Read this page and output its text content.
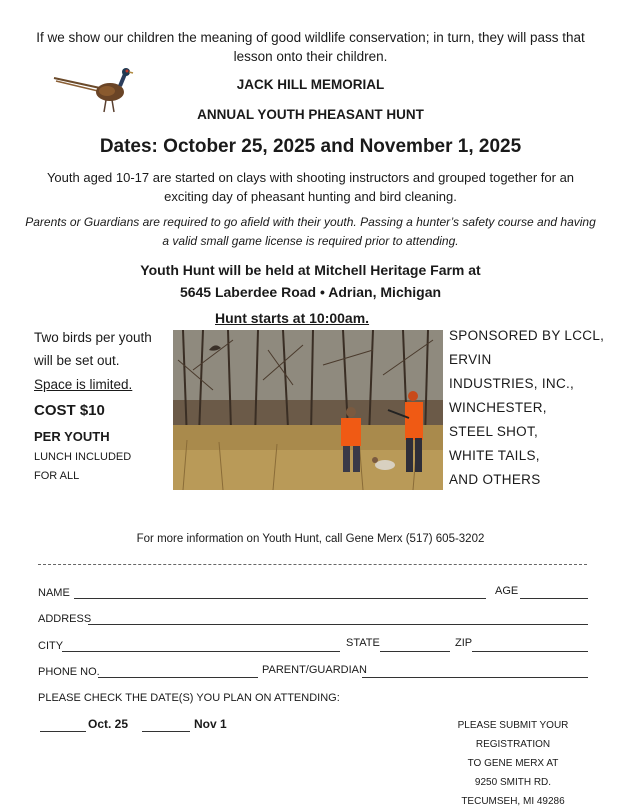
If we show our children the meaning of good wildlife conservation; in turn, they will pass that lesson onto their children.
JACK HILL MEMORIAL
ANNUAL YOUTH PHEASANT HUNT
Dates: October 25, 2025 and November 1, 2025
Youth aged 10-17 are started on clays with shooting instructors and grouped together for an exciting day of pheasant hunting and bird cleaning.
Parents or Guardians are required to go afield with their youth. Passing a hunter’s safety course and having a valid small game license is required prior to attending.
Youth Hunt will be held at Mitchell Heritage Farm at
5645 Laberdee Road • Adrian, Michigan
Hunt starts at 10:00am.
Two birds per youth
will be set out.
Space is limited.
COST $10
PER YOUTH
LUNCH INCLUDED
FOR ALL
SPONSORED BY LCCL,
ERVIN
INDUSTRIES, INC.,
WINCHESTER,
STEEL SHOT,
WHITE TAILS,
AND OTHERS
For more information on Youth Hunt, call Gene Merx (517) 605-3202
NAME	AGE
ADDRESS
CITY	STATE	ZIP
PHONE NO.	PARENT/GUARDIAN
PLEASE CHECK THE DATE(S) YOU PLAN ON ATTENDING:
Oct. 25	Nov 1	PLEASE SUBMIT YOUR REGISTRATION
TO GENE MERX AT
9250 SMITH RD.
TECUMSEH, MI 49286
